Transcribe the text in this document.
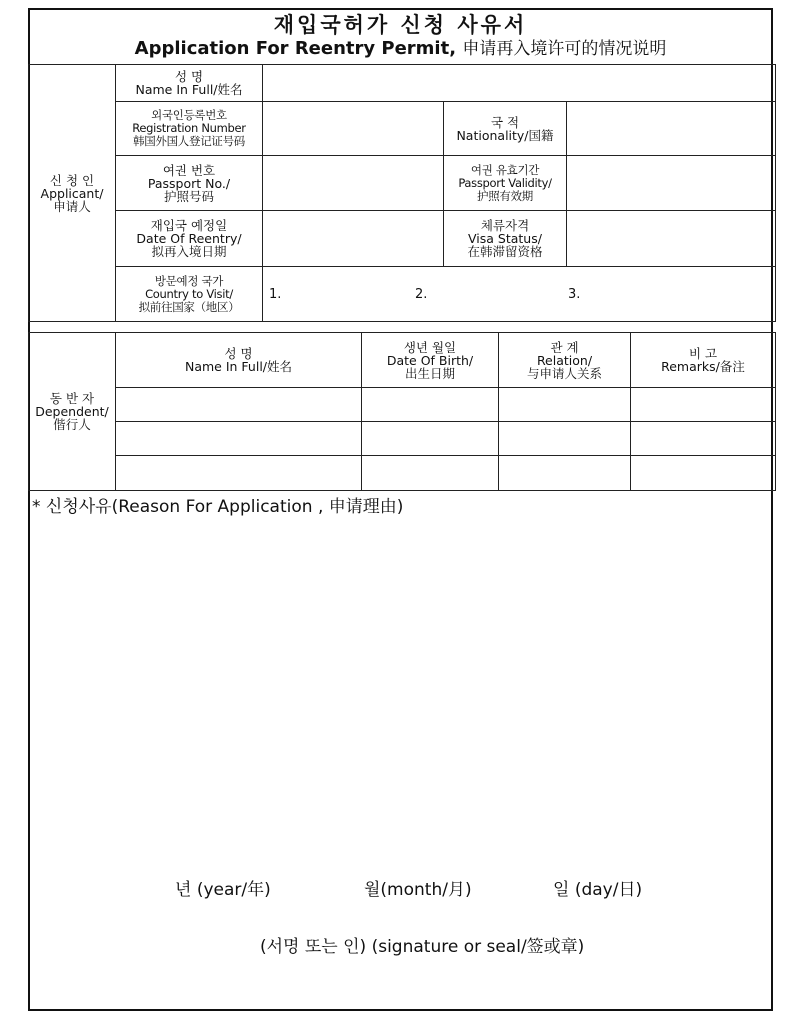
재입국허가 신청 사유서
Application For Reentry Permit, 申请再入境许可的情况说明
신 청 인
Applicant/
申请人	성 명
Name In Full/姓名			

	외국인등록번호
Registration Number
韩国外国人登记证号码		국 적
Nationality/国籍	

	여권 번호
Passport No./
护照号码		여권 유효기간
Passport Validity/
护照有效期	

	재입국 예정일
Date Of Reentry/
拟再入境日期		체류자격
Visa Status/
在韩滞留资格	

	방문예정 국가
Country to Visit/
拟前往国家（地区）	1. 2. 3.		
동 반 자
Dependent/
偕行人	성 명
Name In Full/姓名	생년 월일
Date Of Birth/
出生日期	관 계
Relation/
与申请人关系	비 고
Remarks/备注

* 신청사유(Reason For Application , 申请理由)
년 (year/年)	월(month/月)	일 (day/日)
(서명 또는 인) (signature or seal/签或章)
